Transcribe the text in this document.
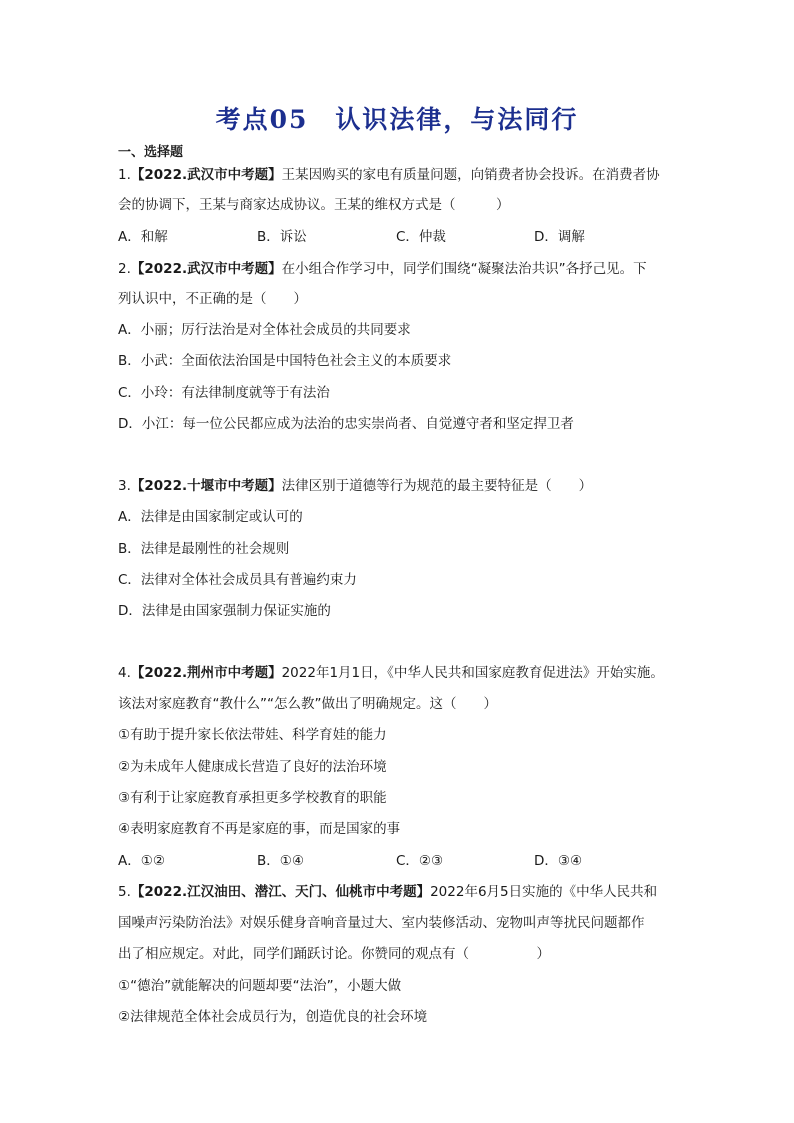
考点05　认识法律，与法同行
一、选择题
1.【2022.武汉市中考题】王某因购买的家电有质量问题，向销费者协会投诉。在消费者协
会的协调下，王某与商家达成协议。王某的维权方式是（　　　）
A．和解	B．诉讼	C．仲裁	D．调解
2.【2022.武汉市中考题】在小组合作学习中，同学们围绕“凝聚法治共识”各抒己见。下
列认识中，不正确的是（　　）
A．小丽；厉行法治是对全体社会成员的共同要求
B．小武：全面依法治国是中国特色社会主义的本质要求
C．小玲：有法律制度就等于有法治
D．小江：每一位公民都应成为法治的忠实崇尚者、自觉遵守者和坚定捍卫者
3.【2022.十堰市中考题】法律区别于道德等行为规范的最主要特征是（　　）
A．法律是由国家制定或认可的
B．法律是最刚性的社会规则
C．法律对全体社会成员具有普遍约束力
D．法律是由国家强制力保证实施的
4.【2022.荆州市中考题】2022年1月1日，《中华人民共和国家庭教育促进法》开始实施。
该法对家庭教育“教什么”“怎么教”做出了明确规定。这（　　）
①有助于提升家长依法带娃、科学育娃的能力
②为未成年人健康成长营造了良好的法治环境
③有利于让家庭教育承担更多学校教育的职能
④表明家庭教育不再是家庭的事，而是国家的事
A．①②	B．①④	C．②③	D．③④
5.【2022.江汉油田、潜江、天门、仙桃市中考题】2022年6月5日实施的《中华人民共和
国噪声污染防治法》对娱乐健身音响音量过大、室内装修活动、宠物叫声等扰民问题都作
出了相应规定。对此，同学们踊跃讨论。你赞同的观点有（　　　　　）
①“德治”就能解决的问题却要“法治”，小题大做
②法律规范全体社会成员行为，创造优良的社会环境
